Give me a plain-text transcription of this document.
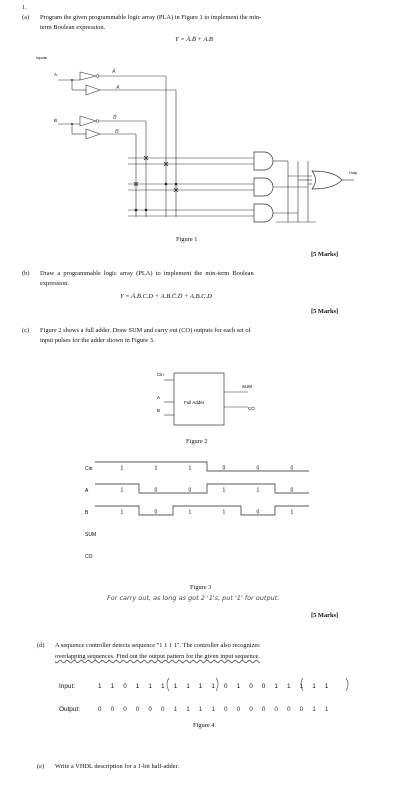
1.
(a) Program the given programmable logic array (PLA) in Figure 1 to implement the min-
term Boolean expression.
Y = Ā.B̄ + A.B
Inputs
A	Ā
A
B	B̄
B
Outp
Figure 1
[5 Marks]
(b) Draw a programmable logic array (PLA) to implement the min-term Boolean
expression.
Y = Ā.B̄.C.D + A.B.C̄.D̄ + A.B.C.D
[5 Marks]
(c) Figure 2 shows a full adder. Draw SUM and carry out (CO) outputs for each set of
input pulses for the adder shown in Figure 3.
Cin
A
B
Full Adder
SUM
CO
Figure 2
Cin	1	1	1	0	0	0
A	1	0	0	1	1	0
B	1	0	1	1	0	1
SUM
CO
Figure 3
For carry out, as long as got 2 '1's, put '1' for output.
[5 Marks]
(d) A sequence controller detects sequence "1 1 1 1". The controller also recognizes
overlapping sequences. Find out the output pattern for the given input sequence.
Input:	1 1 0 1 1 1 1 1 1 1 0 1 0 0 1 1 1 1 1
Output:	0 0 0 0 0 0 1 1 1 1 0 0 0 0 0 0 0 1 1
Figure 4
(e) Write a VHDL description for a 1-bit half-adder.
